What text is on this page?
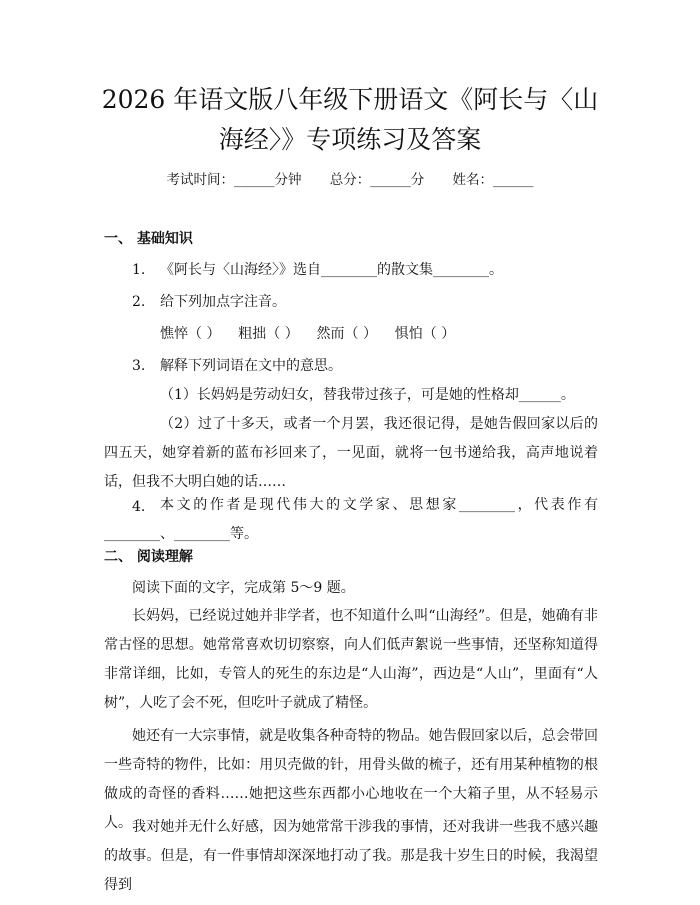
2026 年语文版八年级下册语文《阿长与〈山
海经〉》专项练习及答案
考试时间：______分钟 总分：______分 姓名：______
一、 基础知识
1. 《阿长与〈山海经〉》选自________的散文集________。
2. 给下列加点字注音。
憔悴（ ）    粗拙（ ）    然而（ ）    惧怕（ ）
3. 解释下列词语在文中的意思。

（1）长妈妈是劳动妇女，替我带过孩子，可是她的性格却______。

（2）过了十多天，或者一个月罢，我还很记得，是她告假回家以后的四五天，她穿着新的蓝布衫回来了，一见面，就将一包书递给我，高声地说着话，但我不大明白她的话……

4.	本文的作者是现代伟大的文学家、思想家________，代表作有________、________等。

二、 阅读理解
阅读下面的文字，完成第 5～9 题。

长妈妈，已经说过她并非学者，也不知道什么叫“山海经”。但是，她确有非常古怪的思想。她常常喜欢切切察察，向人们低声絮说一些事情，还坚称知道得非常详细，比如，专管人的死生的东边是“人山海”，西边是“人山”，里面有“人树”，人吃了会不死，但吃叶子就成了精怪。

她还有一大宗事情，就是收集各种奇特的物品。她告假回家以后，总会带回一些奇特的物件，比如：用贝壳做的针，用骨头做的梳子，还有用某种植物的根做成的奇怪的香料……她把这些东西都小心地收在一个大箱子里，从不轻易示人。 我对她并无什么好感，因为她常常干涉我的事情，还对我讲一些我不感兴趣的故事。但是，有一件事情却深深地打动了我。那是我十岁生日的时候，我渴望得到
